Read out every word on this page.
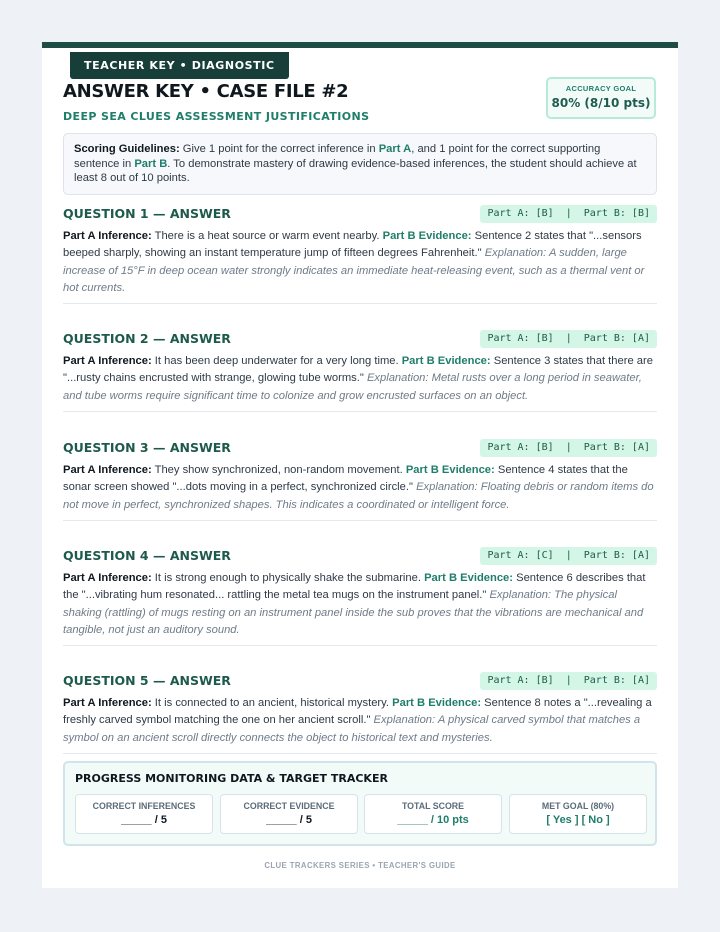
TEACHER KEY • DIAGNOSTIC
ANSWER KEY • CASE FILE #2
DEEP SEA CLUES ASSESSMENT JUSTIFICATIONS
ACCURACY GOAL
80% (8/10 pts)
Scoring Guidelines: Give 1 point for the correct inference in Part A, and 1 point for the correct supporting sentence in Part B. To demonstrate mastery of drawing evidence-based inferences, the student should achieve at least 8 out of 10 points.
QUESTION 1 — ANSWER	Part A: [B]  |  Part B: [B]
Part A Inference: There is a heat source or warm event nearby. Part B Evidence: Sentence 2 states that "...sensors beeped sharply, showing an instant temperature jump of fifteen degrees Fahrenheit." Explanation: A sudden, large increase of 15°F in deep ocean water strongly indicates an immediate heat-releasing event, such as a thermal vent or hot currents.
QUESTION 2 — ANSWER	Part A: [B]  |  Part B: [A]
Part A Inference: It has been deep underwater for a very long time. Part B Evidence: Sentence 3 states that there are "...rusty chains encrusted with strange, glowing tube worms." Explanation: Metal rusts over a long period in seawater, and tube worms require significant time to colonize and grow encrusted surfaces on an object.
QUESTION 3 — ANSWER	Part A: [B]  |  Part B: [A]
Part A Inference: They show synchronized, non-random movement. Part B Evidence: Sentence 4 states that the sonar screen showed "...dots moving in a perfect, synchronized circle." Explanation: Floating debris or random items do not move in perfect, synchronized shapes. This indicates a coordinated or intelligent force.
QUESTION 4 — ANSWER	Part A: [C]  |  Part B: [A]
Part A Inference: It is strong enough to physically shake the submarine. Part B Evidence: Sentence 6 describes that the "...vibrating hum resonated... rattling the metal tea mugs on the instrument panel." Explanation: The physical shaking (rattling) of mugs resting on an instrument panel inside the sub proves that the vibrations are mechanical and tangible, not just an auditory sound.
QUESTION 5 — ANSWER	Part A: [B]  |  Part B: [A]
Part A Inference: It is connected to an ancient, historical mystery. Part B Evidence: Sentence 8 notes a "...revealing a freshly carved symbol matching the one on her ancient scroll." Explanation: A physical carved symbol that matches a symbol on an ancient scroll directly connects the object to historical text and mysteries.
PROGRESS MONITORING DATA & TARGET TRACKER
CORRECT INFERENCES
_____ / 5
CORRECT EVIDENCE
_____ / 5
TOTAL SCORE
_____ / 10 pts
MET GOAL (80%)
[ Yes ] [ No ]
CLUE TRACKERS SERIES • TEACHER'S GUIDE
